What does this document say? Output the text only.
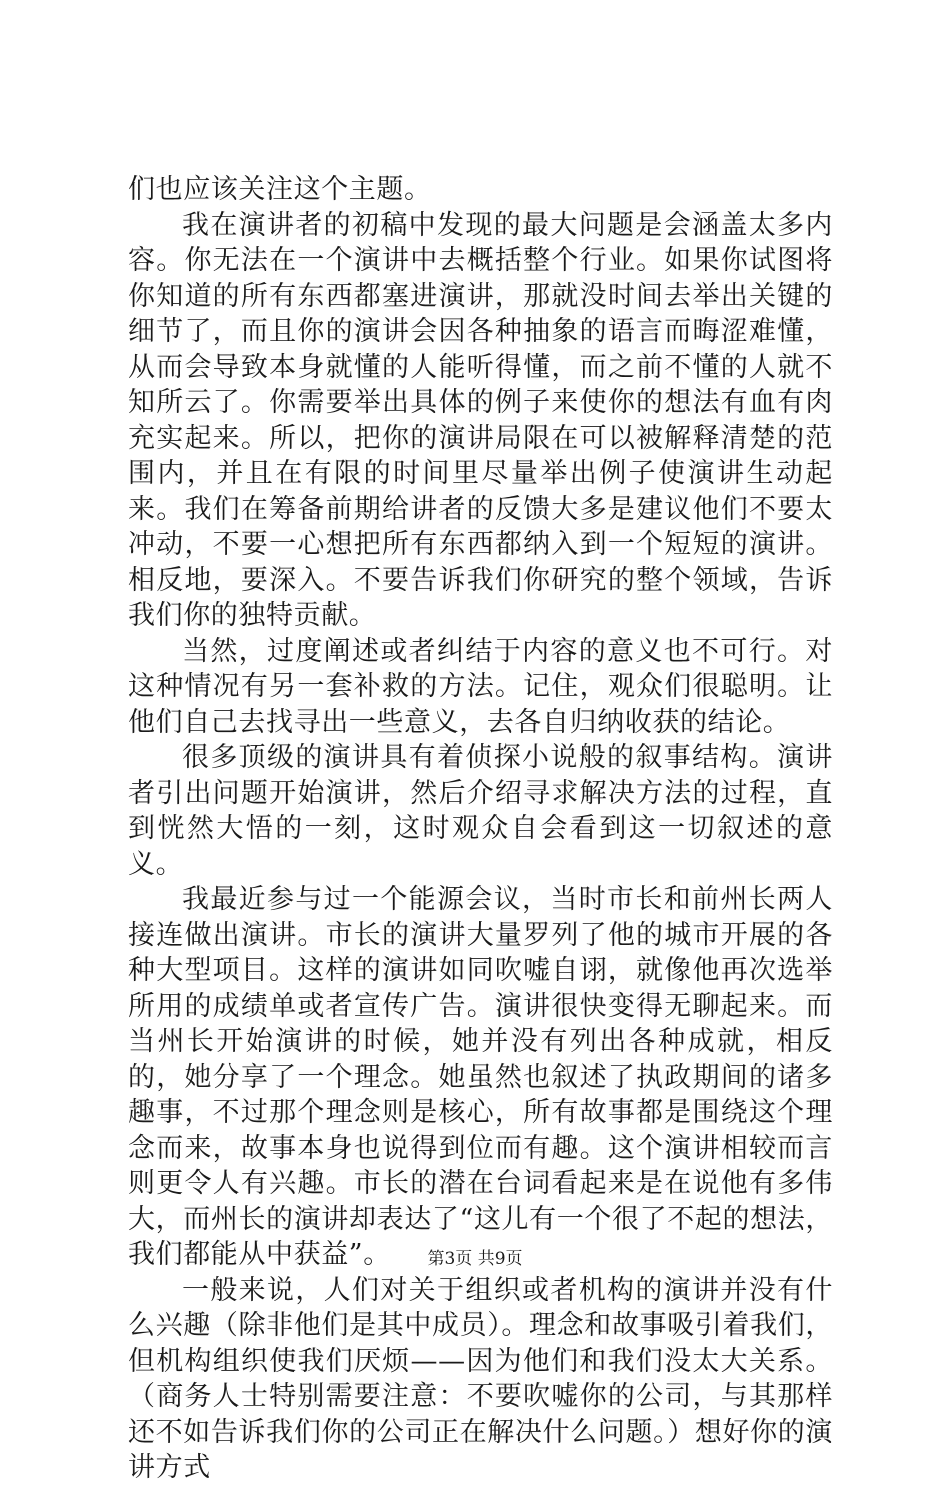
们也应该关注这个主题。

我在演讲者的初稿中发现的最大问题是会涵盖太多内容。你无法在一个演讲中去概括整个行业。如果你试图将你知道的所有东西都塞进演讲，那就没时间去举出关键的细节了，而且你的演讲会因各种抽象的语言而晦涩难懂，从而会导致本身就懂的人能听得懂，而之前不懂的人就不知所云了。你需要举出具体的例子来使你的想法有血有肉充实起来。所以，把你的演讲局限在可以被解释清楚的范围内，并且在有限的时间里尽量举出例子使演讲生动起来。我们在筹备前期给讲者的反馈大多是建议他们不要太冲动，不要一心想把所有东西都纳入到一个短短的演讲。相反地，要深入。不要告诉我们你研究的整个领域，告诉我们你的独特贡献。

当然，过度阐述或者纠结于内容的意义也不可行。对这种情况有另一套补救的方法。记住，观众们很聪明。让他们自己去找寻出一些意义，去各自归纳收获的结论。

很多顶级的演讲具有着侦探小说般的叙事结构。演讲者引出问题开始演讲，然后介绍寻求解决方法的过程，直到恍然大悟的一刻，这时观众自会看到这一切叙述的意义。

我最近参与过一个能源会议，当时市长和前州长两人接连做出演讲。市长的演讲大量罗列了他的城市开展的各种大型项目。这样的演讲如同吹嘘自诩，就像他再次选举所用的成绩单或者宣传广告。演讲很快变得无聊起来。而当州长开始演讲的时候，她并没有列出各种成就，相反的，她分享了一个理念。她虽然也叙述了执政期间的诸多趣事，不过那个理念则是核心，所有故事都是围绕这个理念而来，故事本身也说得到位而有趣。这个演讲相较而言则更令人有兴趣。市长的潜在台词看起来是在说他有多伟大，而州长的演讲却表达了“这儿有一个很了不起的想法，我们都能从中获益”。

一般来说，人们对关于组织或者机构的演讲并没有什么兴趣（除非他们是其中成员）。理念和故事吸引着我们，但机构组织使我们厌烦——因为他们和我们没太大关系。（商务人士特别需要注意：不要吹嘘你的公司，与其那样还不如告诉我们你的公司正在解决什么问题。）想好你的演讲方式

第3页 共9页
